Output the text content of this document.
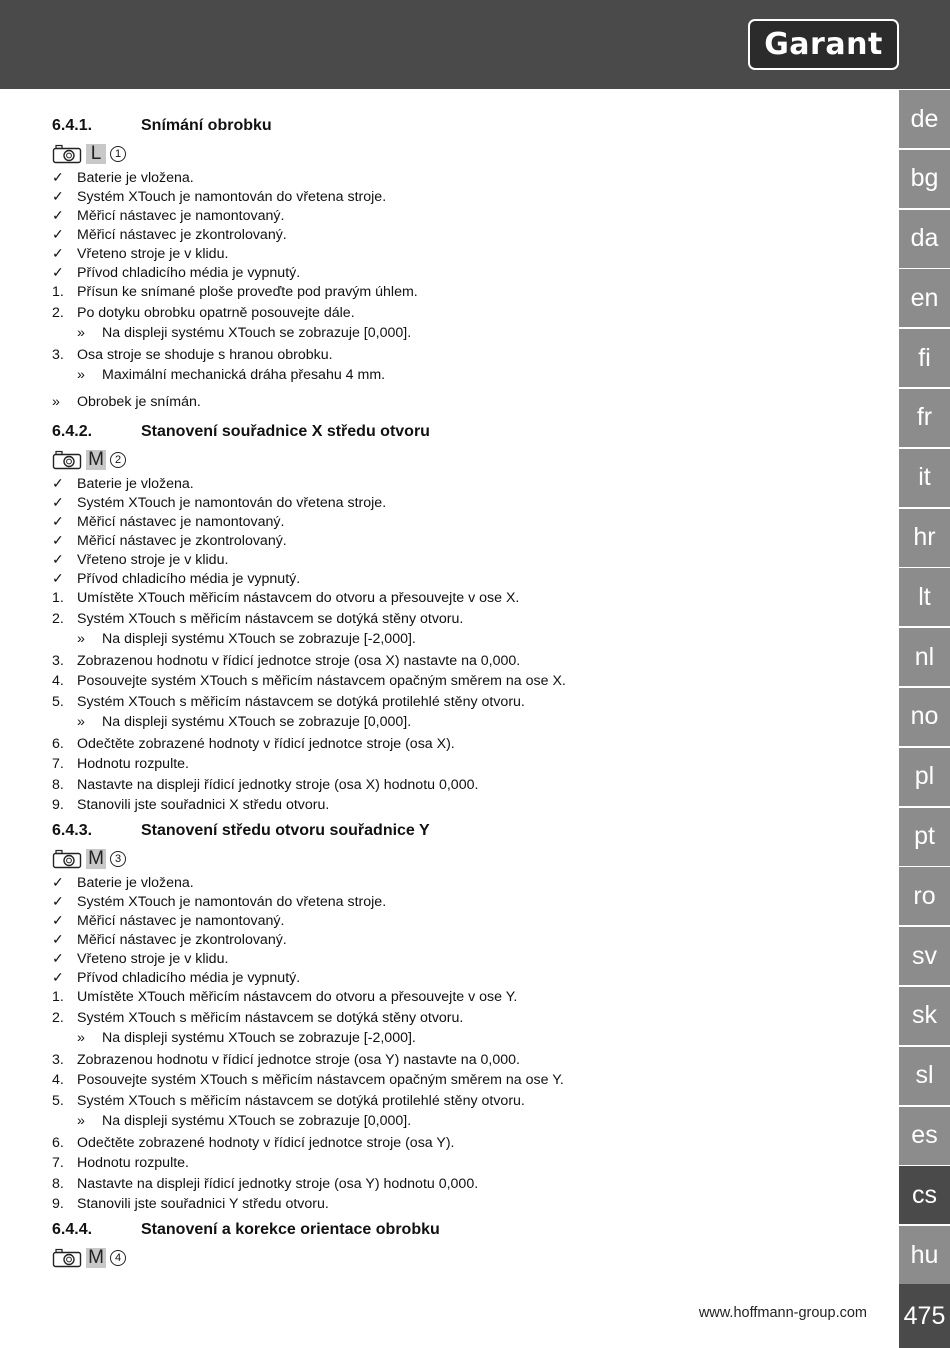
Garant
de
bg
da
en
fi
fr
it
hr
lt
nl
no
pl
pt
ro
sv
sk
sl
es
cs
hu
475
www.hoffmann-group.com
6.4.1.	Snímání obrobku
L	1
✓ Baterie je vložena.
✓ Systém XTouch je namontován do vřetena stroje.
✓ Měřicí nástavec je namontovaný.
✓ Měřicí nástavec je zkontrolovaný.
✓ Vřeteno stroje je v klidu.
✓ Přívod chladicího média je vypnutý.
1. Přísun ke snímané ploše proveďte pod pravým úhlem.
2. Po dotyku obrobku opatrně posouvejte dále.
»	Na displeji systému XTouch se zobrazuje [0,000].
3. Osa stroje se shoduje s hranou obrobku.
»	Maximální mechanická dráha přesahu 4 mm.
»	Obrobek je snímán.
6.4.2.	Stanovení souřadnice X středu otvoru
M	2
✓ Baterie je vložena.
✓ Systém XTouch je namontován do vřetena stroje.
✓ Měřicí nástavec je namontovaný.
✓ Měřicí nástavec je zkontrolovaný.
✓ Vřeteno stroje je v klidu.
✓ Přívod chladicího média je vypnutý.
1. Umístěte XTouch měřicím nástavcem do otvoru a přesouvejte v ose X.
2. Systém XTouch s měřicím nástavcem se dotýká stěny otvoru.
»	Na displeji systému XTouch se zobrazuje [-2,000].
3. Zobrazenou hodnotu v řídicí jednotce stroje (osa X) nastavte na 0,000.
4. Posouvejte systém XTouch s měřicím nástavcem opačným směrem na ose X.
5. Systém XTouch s měřicím nástavcem se dotýká protilehlé stěny otvoru.
»	Na displeji systému XTouch se zobrazuje [0,000].
6. Odečtěte zobrazené hodnoty v řídicí jednotce stroje (osa X).
7. Hodnotu rozpulte.
8. Nastavte na displeji řídicí jednotky stroje (osa X) hodnotu 0,000.
9. Stanovili jste souřadnici X středu otvoru.
6.4.3.	Stanovení středu otvoru souřadnice Y
M	3
✓ Baterie je vložena.
✓ Systém XTouch je namontován do vřetena stroje.
✓ Měřicí nástavec je namontovaný.
✓ Měřicí nástavec je zkontrolovaný.
✓ Vřeteno stroje je v klidu.
✓ Přívod chladicího média je vypnutý.
1. Umístěte XTouch měřicím nástavcem do otvoru a přesouvejte v ose Y.
2. Systém XTouch s měřicím nástavcem se dotýká stěny otvoru.
»	Na displeji systému XTouch se zobrazuje [-2,000].
3. Zobrazenou hodnotu v řídicí jednotce stroje (osa Y) nastavte na 0,000.
4. Posouvejte systém XTouch s měřicím nástavcem opačným směrem na ose Y.
5. Systém XTouch s měřicím nástavcem se dotýká protilehlé stěny otvoru.
»	Na displeji systému XTouch se zobrazuje [0,000].
6. Odečtěte zobrazené hodnoty v řídicí jednotce stroje (osa Y).
7. Hodnotu rozpulte.
8. Nastavte na displeji řídicí jednotky stroje (osa Y) hodnotu 0,000.
9. Stanovili jste souřadnici Y středu otvoru.
6.4.4.	Stanovení a korekce orientace obrobku
M	4
